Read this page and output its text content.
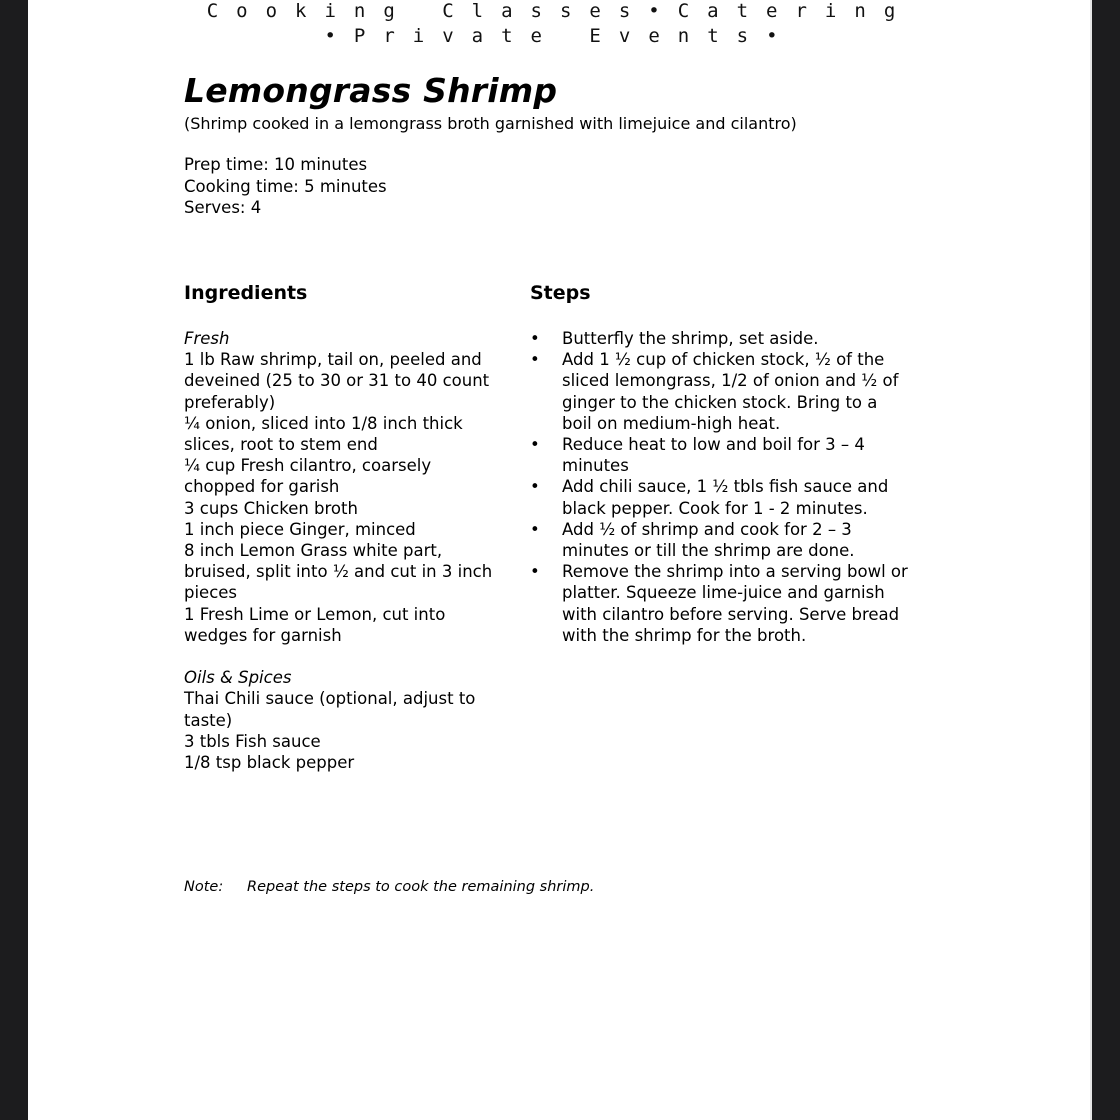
Cooking Classes•Catering
•Private Events•
Lemongrass Shrimp
(Shrimp cooked in a lemongrass broth garnished with limejuice and cilantro)
Prep time: 10 minutes
Cooking time: 5 minutes
Serves: 4
Ingredients	Steps
Fresh
1 lb Raw shrimp, tail on, peeled and
deveined (25 to 30 or 31 to 40 count
preferably)
¼ onion, sliced into 1/8 inch thick
slices, root to stem end
¼ cup Fresh cilantro, coarsely
chopped for garish
3 cups Chicken broth
1 inch piece Ginger, minced
8 inch Lemon Grass white part,
bruised, split into ½ and cut in 3 inch
pieces
1 Fresh Lime or Lemon, cut into
wedges for garnish
Oils & Spices
Thai Chili sauce (optional, adjust to
taste)
3 tbls Fish sauce
1/8 tsp black pepper
• Butterfly the shrimp, set aside.
• Add 1 ½ cup of chicken stock, ½ of the
sliced lemongrass, 1/2 of onion and ½ of
ginger to the chicken stock. Bring to a
boil on medium-high heat.
• Reduce heat to low and boil for 3 – 4
minutes
• Add chili sauce, 1 ½ tbls fish sauce and
black pepper. Cook for 1 - 2 minutes.
• Add ½ of shrimp and cook for 2 – 3
minutes or till the shrimp are done.
• Remove the shrimp into a serving bowl or
platter. Squeeze lime-juice and garnish
with cilantro before serving. Serve bread
with the shrimp for the broth.
Note: Repeat the steps to cook the remaining shrimp.
